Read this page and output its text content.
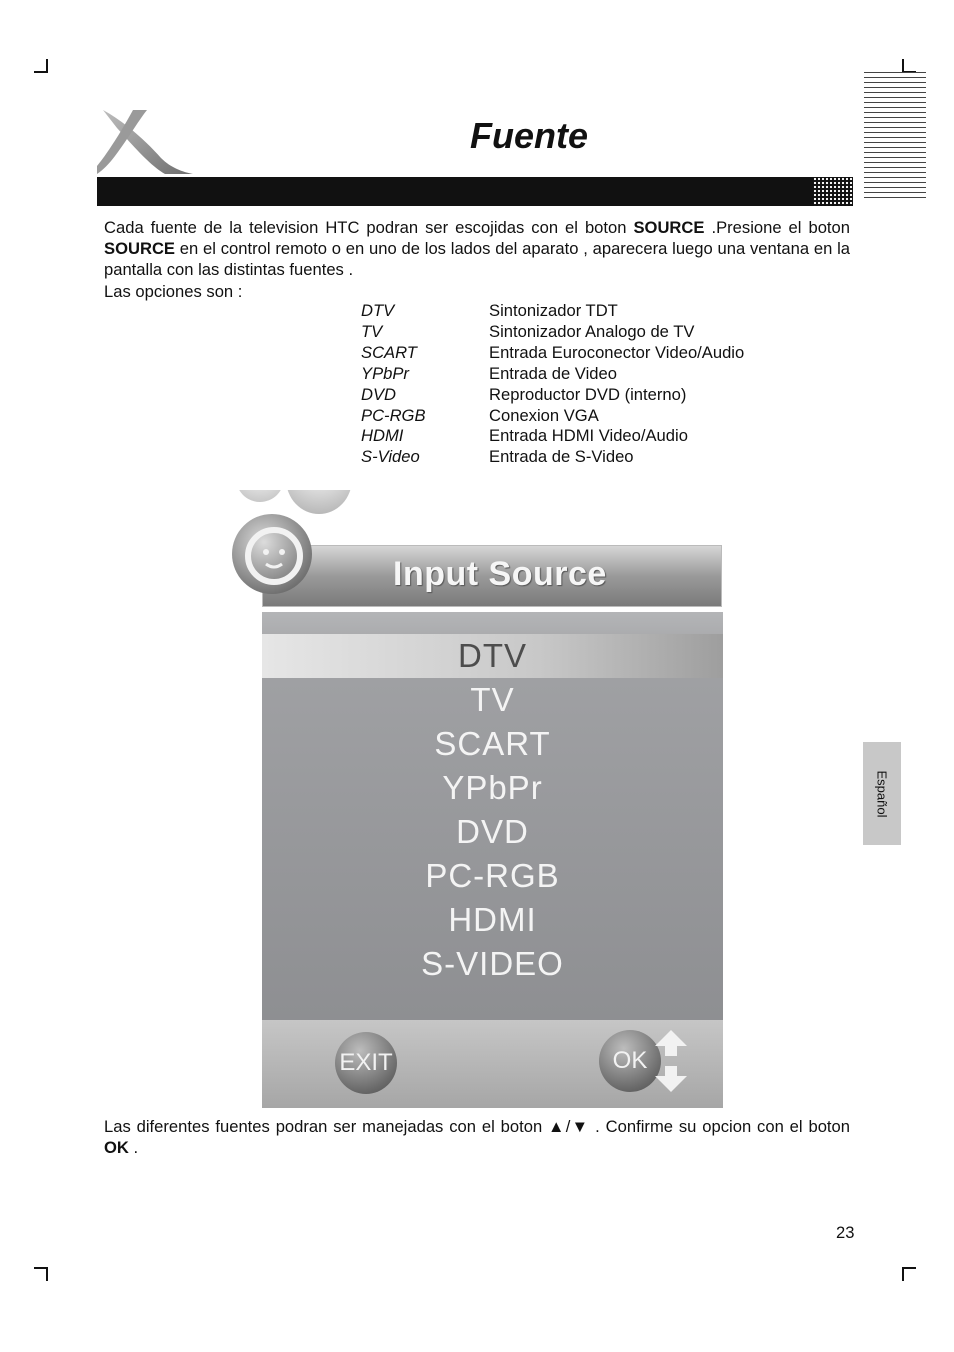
Fuente

Cada fuente de la television HTC podran ser escojidas con el boton SOURCE .Presione el boton SOURCE en el control remoto o en uno de los lados del aparato , aparecera luego una ventana en la pantalla con las distintas fuentes .

Las opciones son :

DTV	Sintonizador TDT
TV	Sintonizador Analogo de TV
SCART	Entrada Euroconector Video/Audio
YPbPr	Entrada de Video
DVD	Reproductor DVD (interno)
PC-RGB	Conexion VGA
HDMI	Entrada HDMI Video/Audio
S-Video	Entrada de S-Video
Input Source
DTV
TV
SCART
YPbPr
DVD
PC-RGB
HDMI
S-VIDEO
EXIT	OK

Las diferentes fuentes podran ser manejadas con el boton ▲/▼ . Confirme su opcion con el boton OK .

Español
23
